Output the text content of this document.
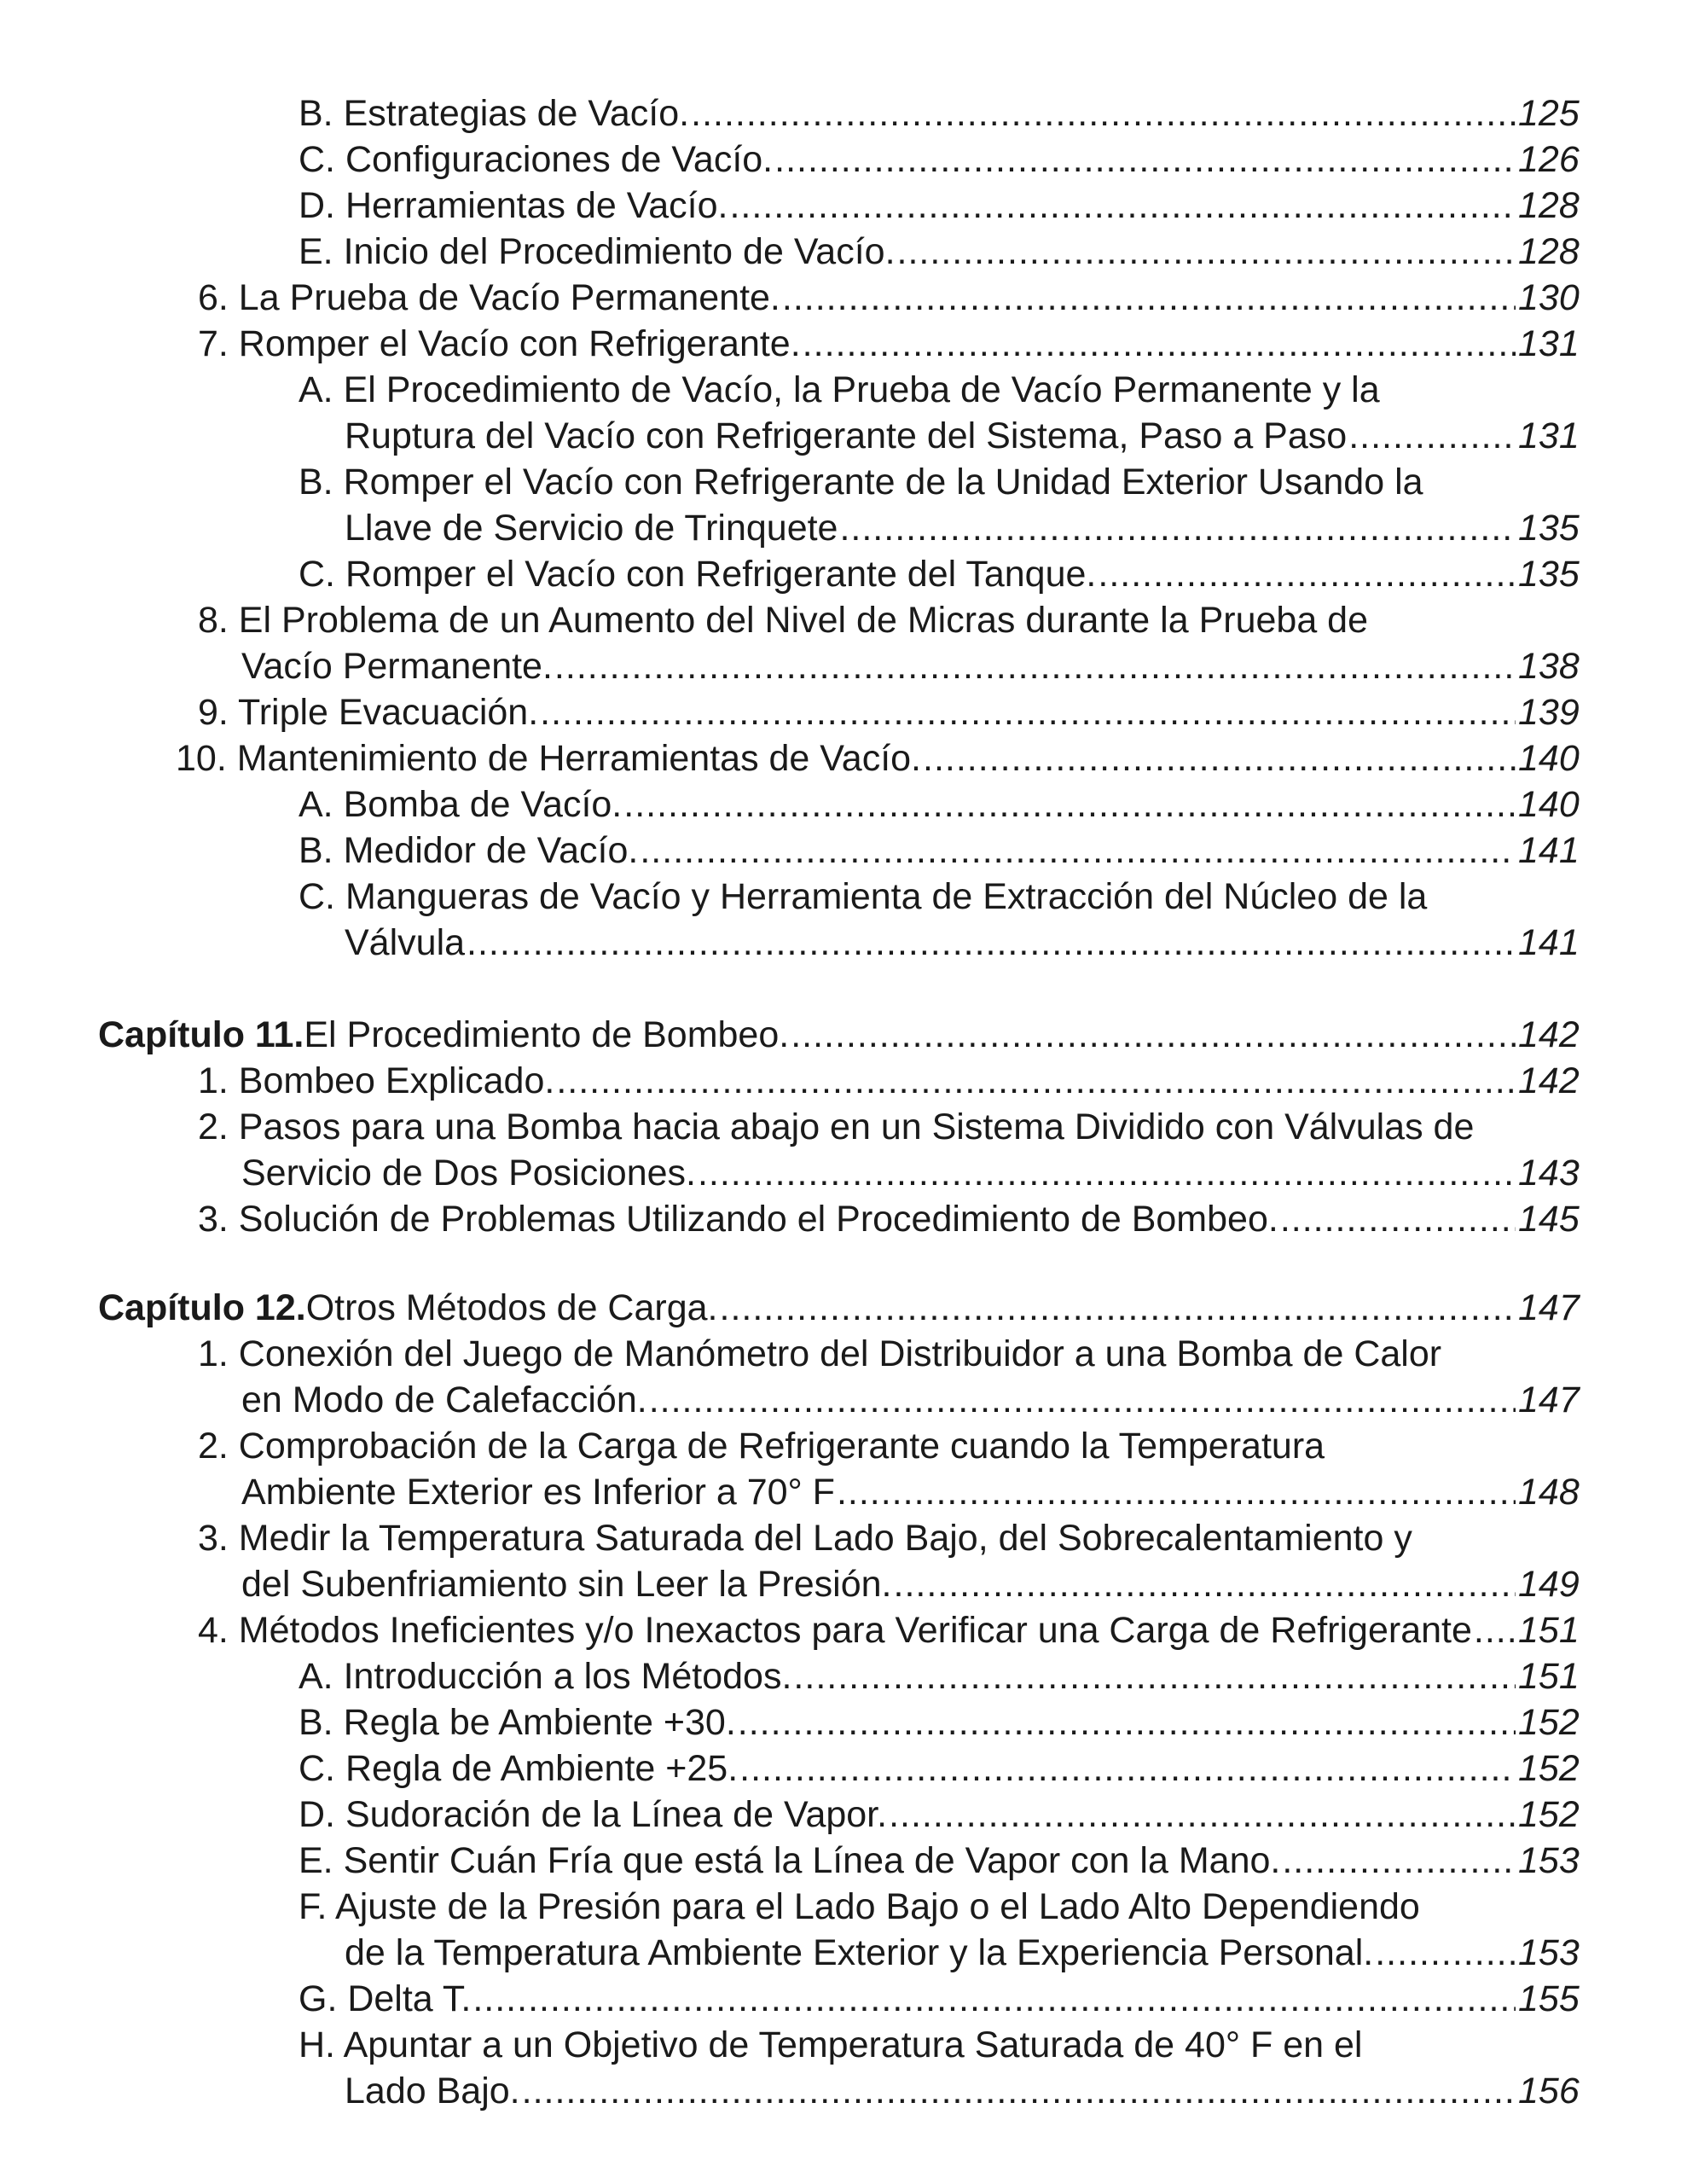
B. Estrategias de Vacío. .....	125
C. Configuraciones de Vacío. .....	126
D. Herramientas de Vacío. .....	128
E. Inicio del Procedimiento de Vacío. .....	128
6. La Prueba de Vacío Permanente. .....	130
7. Romper el Vacío con Refrigerante. .....	131
A. El Procedimiento de Vacío, la Prueba de Vacío Permanente y la
Ruptura del Vacío con Refrigerante del Sistema, Paso a Paso .....	131
B. Romper el Vacío con Refrigerante de la Unidad Exterior Usando la
Llave de Servicio de Trinquete .....	135
C. Romper el Vacío con Refrigerante del Tanque. .....	135
8. El Problema de un Aumento del Nivel de Micras durante la Prueba de
Vacío Permanente. .....	138
9. Triple Evacuación. .....	139
10. Mantenimiento de Herramientas de Vacío. .....	140
A. Bomba de Vacío. .....	140
B. Medidor de Vacío. .....	141
C. Mangueras de Vacío y Herramienta de Extracción del Núcleo de la
Válvula .....	141
Capítulo 11. El Procedimiento de Bombeo. .....	142
1. Bombeo Explicado. .....	142
2. Pasos para una Bomba hacia abajo en un Sistema Dividido con Válvulas de
Servicio de Dos Posiciones. .....	143
3. Solución de Problemas Utilizando el Procedimiento de Bombeo. .....	145
Capítulo 12. Otros Métodos de Carga. .....	147
1. Conexión del Juego de Manómetro del Distribuidor a una Bomba de Calor
en Modo de Calefacción. .....	147
2. Comprobación de la Carga de Refrigerante cuando la Temperatura
Ambiente Exterior es Inferior a 70° F .....	148
3. Medir la Temperatura Saturada del Lado Bajo, del Sobrecalentamiento y
del Subenfriamiento sin Leer la Presión. .....	149
4. Métodos Ineficientes y/o Inexactos para Verificar una Carga de Refrigerante ..... 151
A. Introducción a los Métodos. .....	151
B. Regla be Ambiente +30. .....	152
C. Regla de Ambiente +25. .....	152
D. Sudoración de la Línea de Vapor. .....	152
E. Sentir Cuán Fría que está la Línea de Vapor con la Mano. .....	153
F. Ajuste de la Presión para el Lado Bajo o el Lado Alto Dependiendo
de la Temperatura Ambiente Exterior y la Experiencia Personal. .....	153
G. Delta T. .....	155
H. Apuntar a un Objetivo de Temperatura Saturada de 40° F en el
Lado Bajo. .....	156
